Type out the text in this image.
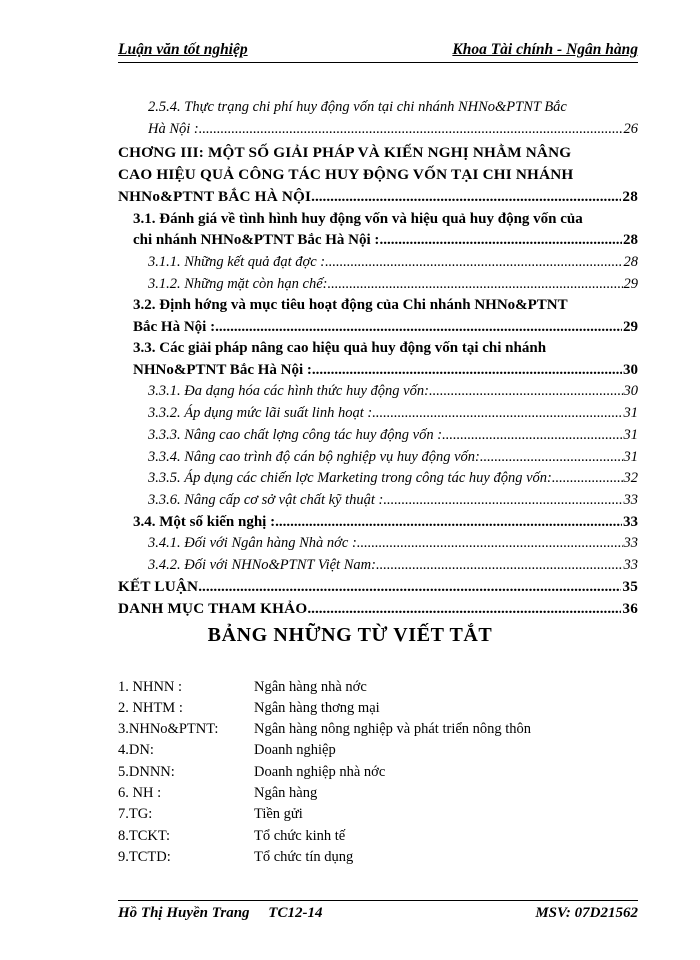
Luận văn tốt nghiệp	Khoa Tài chính - Ngân hàng
2.5.4. Thực trạng chi phí huy động vốn tại chi nhánh NHNo&PTNT Bắc
Hà Nội : .....	26
CHƠNG III: MỘT SỐ GIẢI PHÁP VÀ KIẾN NGHỊ NHẰM NÂNG
CAO HIỆU QUẢ CÔNG TÁC HUY ĐỘNG VỐN TẠI CHI NHÁNH
NHNo&PTNT BẮC HÀ NỘI .....	28
3.1. Đánh giá về tình hình huy động vốn và hiệu quả huy động vốn của
chi nhánh NHNo&PTNT Bắc Hà Nội : .....	28
3.1.1. Những kết quả đạt đợc : .....	28
3.1.2. Những mặt còn hạn chế: .....	29
3.2. Định hớng và mục tiêu hoạt động của Chi nhánh NHNo&PTNT
Bắc Hà Nội : .....	29
3.3. Các giải pháp nâng cao hiệu quả huy động vốn tại chi nhánh
NHNo&PTNT Bắc Hà Nội : .....	30
3.3.1. Đa dạng hóa các hình thức huy động vốn: .....	30
3.3.2. Áp dụng mức lãi suất linh hoạt : .....	31
3.3.3. Nâng cao chất lợng công tác huy động vốn : .....	31
3.3.4. Nâng cao trình độ cán bộ nghiệp vụ huy động vốn: .....	31
3.3.5. Áp dụng các chiến lợc Marketing trong công tác huy động vốn: .....	32
3.3.6. Nâng cấp cơ sở vật chất kỹ thuật : .....	33
3.4. Một số kiến nghị : .....	33
3.4.1. Đối với Ngân hàng Nhà nớc : .....	33
3.4.2. Đối với NHNo&PTNT Việt Nam: .....	33
KẾT LUẬN .....	35
DANH MỤC THAM KHẢO .....	36
BẢNG NHỮNG TỪ VIẾT TẮT
1. NHNN :	Ngân hàng nhà nớc
2. NHTM :	Ngân hàng thơng mại
3.NHNo&PTNT: Ngân hàng nông nghiệp và phát triển nông thôn
4.DN:	Doanh nghiệp
5.DNNN:	Doanh nghiệp nhà nớc
6. NH :	Ngân hàng
7.TG:	Tiền gửi
8.TCKT:	Tổ chức kinh tế
9.TCTD:	Tổ chức tín dụng
Hồ Thị Huyền Trang     TC12-14	MSV: 07D21562
